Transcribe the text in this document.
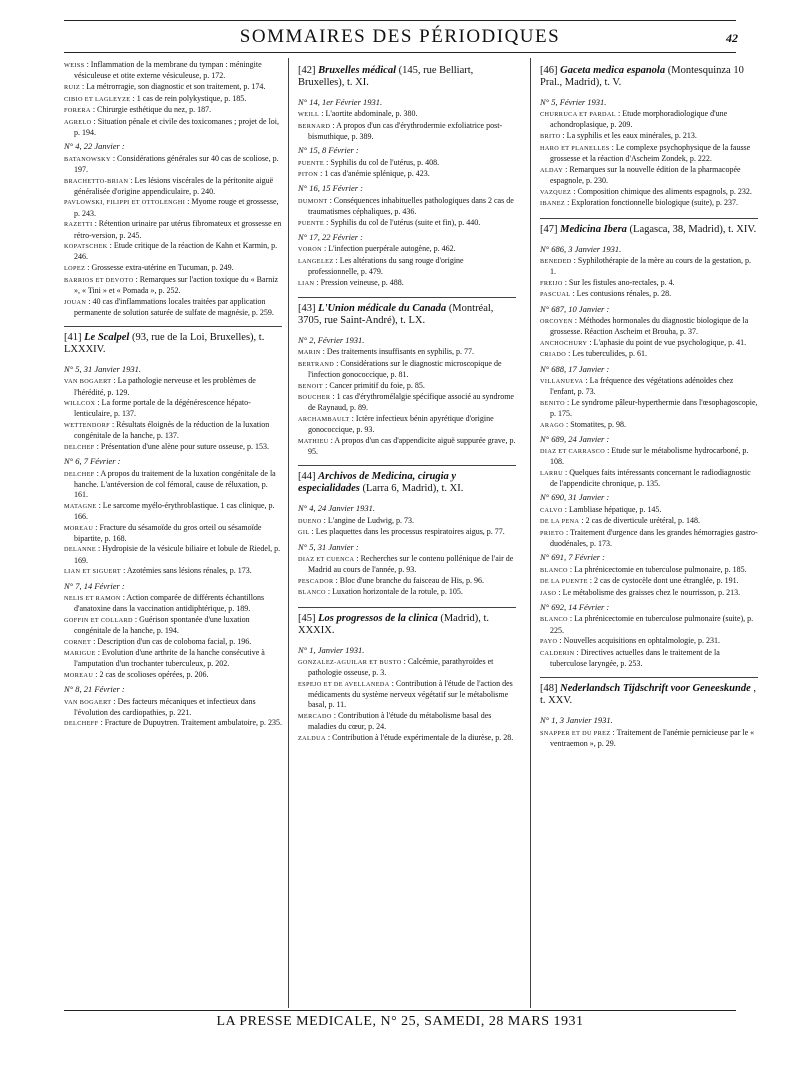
SOMMAIRES DES PÉRIODIQUES	42
WEISS : Inflammation de la membrane du tympan : méningite vésiculeuse et otite externe vésiculeuse, p. 172.
RUIZ : La métrorragie, son diagnostic et son traitement, p. 174.
CIBIO ET LAGLEYZE : 1 cas de rein polykystique, p. 185.
FORERA : Chirurgie esthétique du nez, p. 187.
AGRELO : Situation pénale et civile des toxicomanes ; projet de loi, p. 194.
N° 4, 22 Janvier :
BATANOWSKY : Considérations générales sur 40 cas de scoliose, p. 197.
BRACHETTO-BRIAN : Les lésions viscérales de la péritonite aiguë généralisée d'origine appendiculaire, p. 240.
PAVLOWSKI, FILIPPI ET OTTOLENGHI : Myome rouge et grossesse, p. 243.
RAZETTI : Rétention urinaire par utérus fibromateux et grossesse en rétro-version, p. 245.
KOPATSCHEK : Etude critique de la réaction de Kahn et Karmin, p. 246.
LOPEZ : Grossesse extra-utérine en Tucuman, p. 249.
BARRIOS ET DEVOTO : Remarques sur l'action toxique du « Barniz », « Tini » et « Pomada », p. 252.
JOUAN : 40 cas d'inflammations locales traitées par application permanente de solution saturée de sulfate de magnésie, p. 259.
[41] Le Scalpel (93, rue de la Loi, Bruxelles), t. LXXXIV.
N° 5, 31 Janvier 1931.
VAN BOGAERT : La pathologie nerveuse et les problèmes de l'hérédité, p. 129.
WILLCOX : La forme portale de la dégénérescence hépato-lenticulaire, p. 137.
WETTENDORF : Résultats éloignés de la réduction de la luxation congénitale de la hanche, p. 137.
DELCHEF : Présentation d'une alène pour suture osseuse, p. 153.
N° 6, 7 Février :
DELCHEF : A propos du traitement de la luxation congénitale de la hanche. L'antéversion de col fémoral, cause de réluxation, p. 161.
MATAGNE : Le sarcome myélo-érythroblastique. 1 cas clinique, p. 166.
MOREAU : Fracture du sésamoïde du gros orteil ou sésamoïde bipartite, p. 168.
DELANNE : Hydropisie de la vésicule biliaire et lobule de Riedel, p. 169.
LIAN ET SIGUERT : Azotémies sans lésions rénales, p. 173.
N° 7, 14 Février :
NELIS ET RAMON : Action comparée de différents échantillons d'anatoxine dans la vaccination antidiphtérique, p. 189.
GOFFIN ET COLLARD : Guérison spontanée d'une luxation congénitale de la hanche, p. 194.
CORNET : Description d'un cas de coloboma facial, p. 196.
MARIGUE : Evolution d'une arthrite de la hanche consécutive à l'amputation d'un trochanter tuberculeux, p. 202.
MOREAU : 2 cas de scolioses opérées, p. 206.
N° 8, 21 Février :
VAN BOGAERT : Des facteurs mécaniques et infectieux dans l'évolution des cardiopathies, p. 221.
DELCHEFF : Fracture de Dupuytren. Traitement ambulatoire, p. 235.
[42] Bruxelles médical (145, rue Belliart, Bruxelles), t. XI.
N° 14, 1er Février 1931.
WEILL : L'aortite abdominale, p. 380.
BERNARD : A propos d'un cas d'érythrodermie exfoliatrice post-bismuthique, p. 389.
N° 15, 8 Février :
PUENTE : Syphilis du col de l'utérus, p. 408.
PITON : 1 cas d'anémie splénique, p. 423.
N° 16, 15 Février :
DUMONT : Conséquences inhabituelles pathologiques dans 2 cas de traumatismes céphaliques, p. 436.
PUENTE : Syphilis du col de l'utérus (suite et fin), p. 440.
N° 17, 22 Février :
VORON : L'infection puerpérale autogène, p. 462.
LANGELEZ : Les altérations du sang rouge d'origine professionnelle, p. 479.
LIAN : Pression veineuse, p. 488.
[43] L'Union médicale du Canada (Montréal, 3705, rue Saint-André), t. LX.
N° 2, Février 1931.
MARIN : Des traitements insuffisants en syphilis, p. 77.
BERTRAND : Considérations sur le diagnostic microscopique de l'infection gonococcique, p. 81.
BENOIT : Cancer primitif du foie, p. 85.
BOUCHER : 1 cas d'érythromélalgie spécifique associé au syndrome de Raynaud, p. 89.
ARCHAMBAULT : Ictère infectieux bénin apyrétique d'origine gonococcique, p. 93.
MATHIEU : A propos d'un cas d'appendicite aiguë suppurée grave, p. 95.
[44] Archivos de Medicina, cirugia y especialidades (Larra 6, Madrid), t. XI.
N° 4, 24 Janvier 1931.
DUENO : L'angine de Ludwig, p. 73.
GIL : Les plaquettes dans les processus respiratoires aigus, p. 77.
N° 5, 31 Janvier :
DIAZ ET CUENCA : Recherches sur le contenu pollénique de l'air de Madrid au cours de l'année, p. 93.
PESCADOR : Bloc d'une branche du faisceau de His, p. 96.
BLANCO : Luxation horizontale de la rotule, p. 105.
[45] Los progressos de la clinica (Madrid), t. XXXIX.
N° 1, Janvier 1931.
GONZALEZ-AGUILAR ET BUSTO : Calcémie, parathyroïdes et pathologie osseuse, p. 3.
ESPEJO ET DE AVELLANEDA : Contribution à l'étude de l'action des médicaments du système nerveux végétatif sur le métabolisme basal, p. 11.
MERCADO : Contribution à l'étude du métabolisme basal des maladies du cœur, p. 24.
ZALDUA : Contribution à l'étude expérimentale de la diurèse, p. 28.
[46] Gaceta medica espanola (Montesquinza 10 Pral., Madrid), t. V.
N° 5, Février 1931.
CHURRUCA ET PARDAL : Etude morphoradiologique d'une achondroplasique, p. 209.
BRITO : La syphilis et les eaux minérales, p. 213.
HARO ET PLANELLES : Le complexe psychophysique de la fausse grossesse et la réaction d'Ascheim Zondek, p. 222.
ALDAY : Remarques sur la nouvelle édition de la pharmacopée espagnole, p. 230.
VAZQUEZ : Composition chimique des aliments espagnols, p. 232.
IBANEZ : Exploration fonctionnelle biologique (suite), p. 237.
[47] Medicina Ibera (Lagasca, 38, Madrid), t. XIV.
N° 686, 3 Janvier 1931.
BENEDED : Syphilothérapie de la mère au cours de la gestation, p. 1.
FREIJO : Sur les fistules ano-rectales, p. 4.
PASCUAL : Les contusions rénales, p. 28.
N° 687, 10 Janvier :
ORCOYEN : Méthodes hormonales du diagnostic biologique de la grossesse. Réaction Ascheim et Brouha, p. 37.
ANCHOCHURY : L'aphasie du point de vue psychologique, p. 41.
CRIADO : Les tuberculides, p. 61.
N° 688, 17 Janvier :
VILLANUEVA : La fréquence des végétations adénoïdes chez l'enfant, p. 73.
BENITO : Le syndrome pâleur-hyperthermie dans l'œsophagoscopie, p. 175.
ARAGO : Stomatites, p. 98.
N° 689, 24 Janvier :
DIAZ ET CARRASCO : Etude sur le métabolisme hydrocarboné, p. 108.
LARRU : Quelques faits intéressants concernant le radiodiagnostic de l'appendicite chronique, p. 135.
N° 690, 31 Janvier :
CALVO : Lambliase hépatique, p. 145.
DE LA PENA : 2 cas de diverticule urétéral, p. 148.
PRIETO : Traitement d'urgence dans les grandes hémorragies gastro-duodénales, p. 173.
N° 691, 7 Février :
BLANCO : La phrénicectomie en tuberculose pulmonaire, p. 185.
DE LA PUENTE : 2 cas de cystocèle dont une étranglée, p. 191.
JASO : Le métabolisme des graisses chez le nourrisson, p. 213.
N° 692, 14 Février :
BLANCO : La phrénicectomie en tuberculose pulmonaire (suite), p. 225.
PAYO : Nouvelles acquisitions en ophtalmologie, p. 231.
CALDERIN : Directives actuelles dans le traitement de la tuberculose laryngée, p. 253.
[48] Nederlandsch Tijdschrift voor Geneeskunde , t. XXV.
N° 1, 3 Janvier 1931.
SNAPPER ET DU PREZ : Traitement de l'anémie pernicieuse par le « ventraemon », p. 29.
LA PRESSE MEDICALE, N° 25, SAMEDI, 28 MARS 1931
